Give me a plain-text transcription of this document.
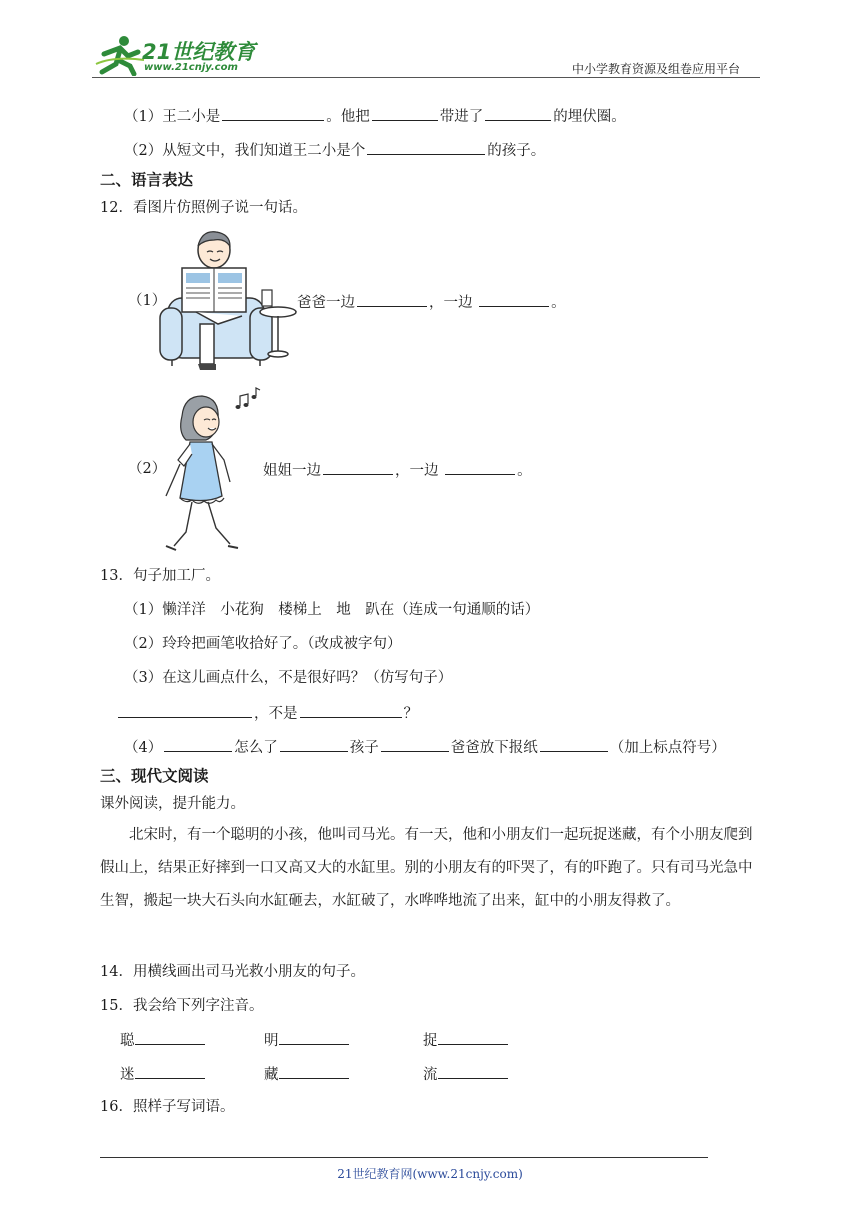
21世纪教育
www.21cnjy.com	中小学教育资源及组卷应用平台
（1）王二小是	。他把	带进了	的埋伏圈。
（2）从短文中，我们知道王二小是个	的孩子。
二、语言表达
12．看图片仿照例子说一句话。
（1）	爸爸一边	，一边	。
（2）	姐姐一边	，一边	。
13．句子加工厂。
（1）懒洋洋　小花狗　楼梯上　地　趴在（连成一句通顺的话）
（2）玲玲把画笔收拾好了。（改成被字句）
（3）在这儿画点什么，不是很好吗？（仿写句子）
，不是	？
（4）	怎么了	孩子	爸爸放下报纸	（加上标点符号）
三、现代文阅读
课外阅读，提升能力。
北宋时，有一个聪明的小孩，他叫司马光。有一天，他和小朋友们一起玩捉迷藏，有个小朋友爬到假山上，结果正好摔到一口又高又大的水缸里。别的小朋友有的吓哭了，有的吓跑了。只有司马光急中生智，搬起一块大石头向水缸砸去，水缸破了，水哗哗地流了出来，缸中的小朋友得救了。
14．用横线画出司马光救小朋友的句子。
15．我会给下列字注音。
聪	明	捉
迷	藏	流
16．照样子写词语。
21世纪教育网(www.21cnjy.com)
